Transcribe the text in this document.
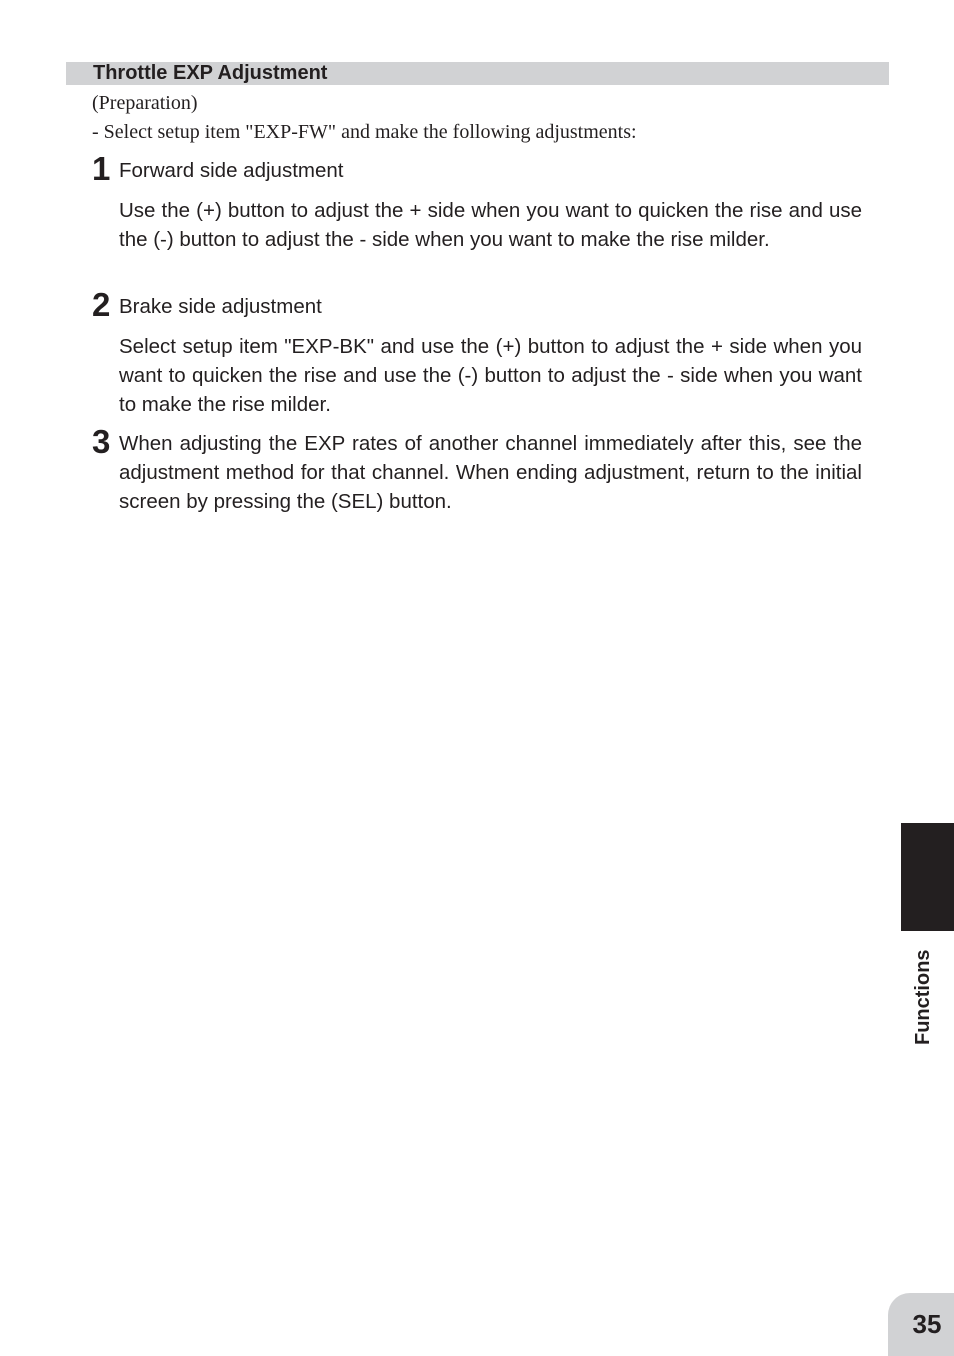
Throttle EXP Adjustment

(Preparation)

- Select setup item "EXP-FW" and make the following adjustments:

1 Forward side adjustment

Use the (+) button to adjust the + side when you want to quicken the rise and use the (-) button to adjust the - side when you want to make the rise milder.

2 Brake side adjustment

Select setup item "EXP-BK" and use the (+) button to adjust the + side when you want to quicken the rise and use the (-) button to adjust the - side when you want to make the rise milder.

3 When adjusting the EXP rates of another channel immediately after this, see the adjustment method for that channel. When ending adjustment, return to the initial screen by pressing the (SEL) button.

Functions
35
